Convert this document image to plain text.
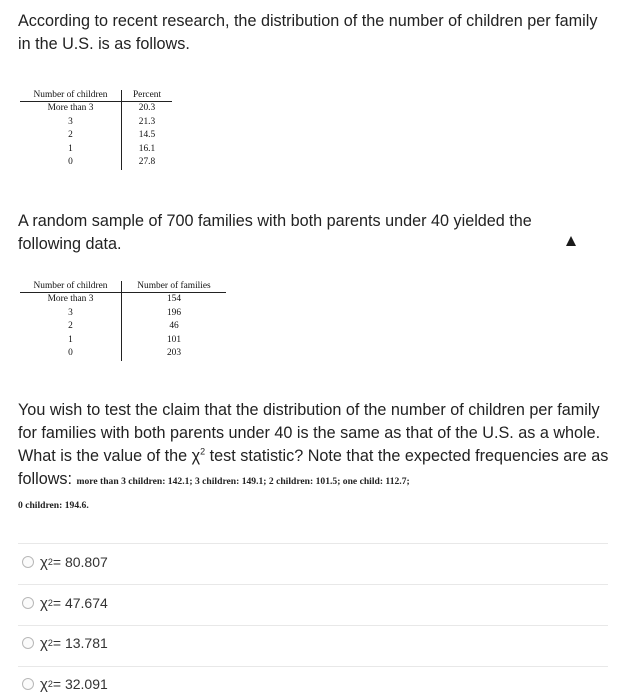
According to recent research, the distribution of the number of children per family in the U.S. is as follows.
Number of children	Percent
More than 3	20.3
3	21.3
2	14.5
1	16.1
0	27.8
A random sample of 700 families with both parents under 40 yielded the following data.
Number of children	Number of families
More than 3	154
3	196
2	46
1	101
0	203
You wish to test the claim that the distribution of the number of children per family for families with both parents under 40 is the same as that of the U.S. as a whole. What is the value of the $\chi^2$ test statistic? Note that the expected frequencies are as follows: more than 3 children: 142.1; 3 children: 149.1; 2 children: 101.5; one child: 112.7;
0 children: 194.6.
χ 2 = 80.807
χ 2 = 47.674
χ 2 = 13.781
χ 2 = 32.091
